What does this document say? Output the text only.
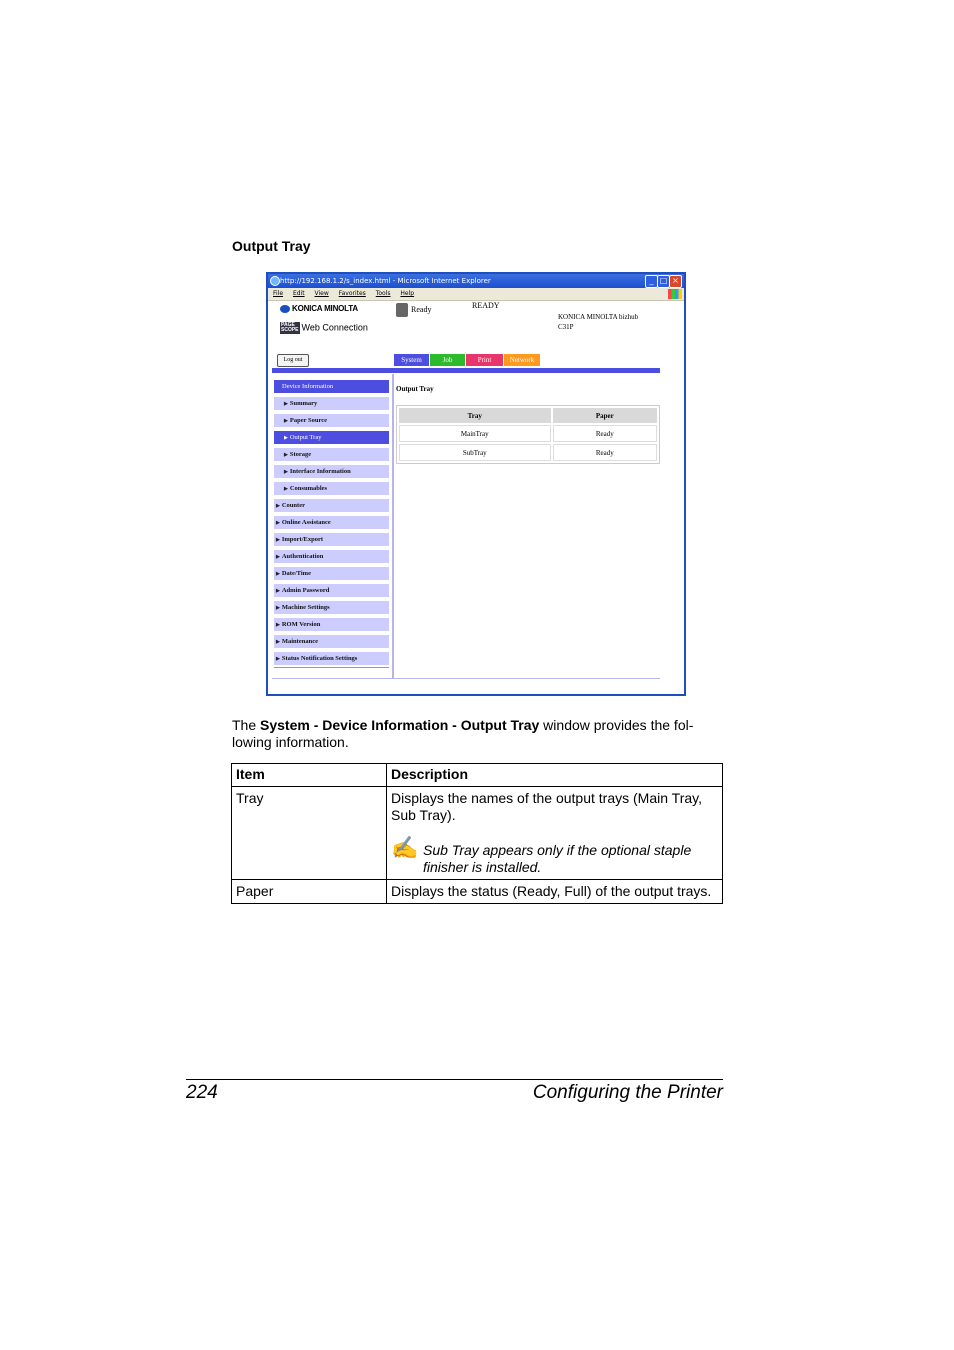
Output Tray
http://192.168.1.2/s_index.html - Microsoft Internet Explorer	_ □ ×
File Edit View Favorites Tools Help
KONICA MINOLTA
PAGE
SCOPE Web Connection
Ready	READY
KONICA MINOLTA bizhub
C31P
Log out	System	Job	Print	Network
Device Information
▶ Summary
▶ Paper Source
▶ Output Tray
▶ Storage
▶ Interface Information
▶ Consumables
▶ Counter
▶ Online Assistance
▶ Import/Export
▶ Authentication
▶ Date/Time
▶ Admin Password
▶ Machine Settings
▶ ROM Version
▶ Maintenance
▶ Status Notification Settings
Output Tray
Tray	Paper
MainTray	Ready
SubTray	Ready
The System - Device Information - Output Tray window provides the fol-lowing information.
Item	Description
Tray	Displays the names of the output trays (Main Tray, Sub Tray).
✍ Sub Tray appears only if the optional staple finisher is installed.

Paper	Displays the status (Ready, Full) of the output trays.
224	Configuring the Printer
